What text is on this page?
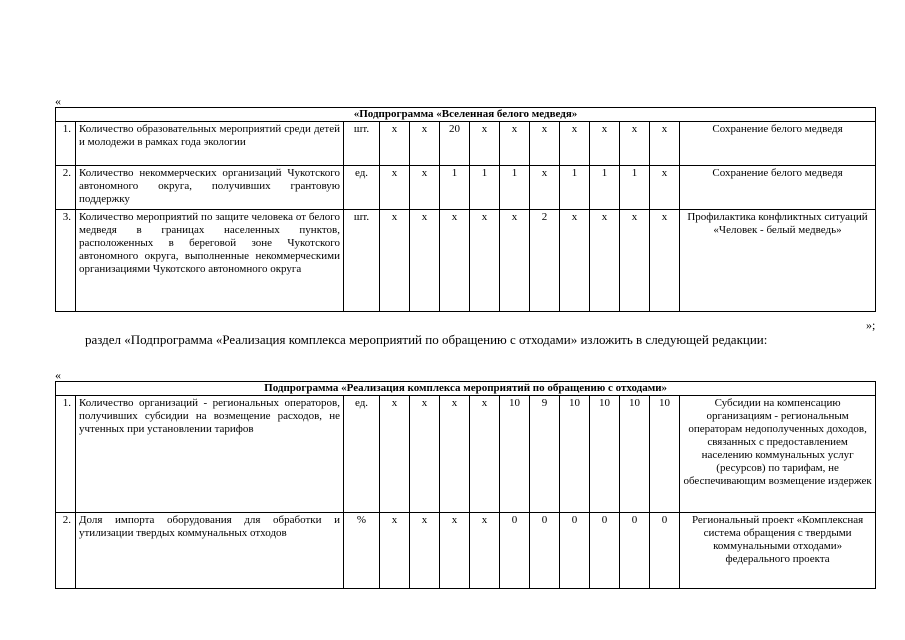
«
«Подпрограмма «Вселенная белого медведя»													
1.	Количество образовательных мероприятий среди детей и молодежи в рамках года экологии	шт.	x	x	20	x	x	x	x	x	x	x	Сохранение белого медведя
2.	Количество некоммерческих организаций Чукотского автономного округа, получивших грантовую поддержку	ед.	x	x	1	1	1	x	1	1	1	x	Сохранение белого медведя
3.	Количество мероприятий по защите человека от белого медведя в границах населенных пунктов, расположенных в береговой зоне Чукотского автономного округа, выполненные некоммерческими организациями Чукотского автономного округа	шт.	x	x	x	x	x	2	x	x	x	x	Профилактика конфликтных ситуаций «Человек - белый медведь»
»;
раздел «Подпрограмма «Реализация комплекса мероприятий по обращению с отходами» изложить в следующей редакции:
«
Подпрограмма «Реализация комплекса мероприятий по обращению с отходами»													
1.	Количество организаций - региональных операторов, получивших субсидии на возмещение расходов, не учтенных при установлении тарифов	ед.	x	x	x	x	10	9	10	10	10	10	Субсидии на компенсацию организациям - региональным операторам недополученных доходов, связанных с предоставлением населению коммунальных услуг (ресурсов) по тарифам, не обеспечивающим возмещение издержек
2.	Доля импорта оборудования для обработки и утилизации твердых коммунальных отходов	%	x	x	x	x	0	0	0	0	0	0	Региональный проект «Комплексная система обращения с твердыми коммунальными отходами» федерального проекта
